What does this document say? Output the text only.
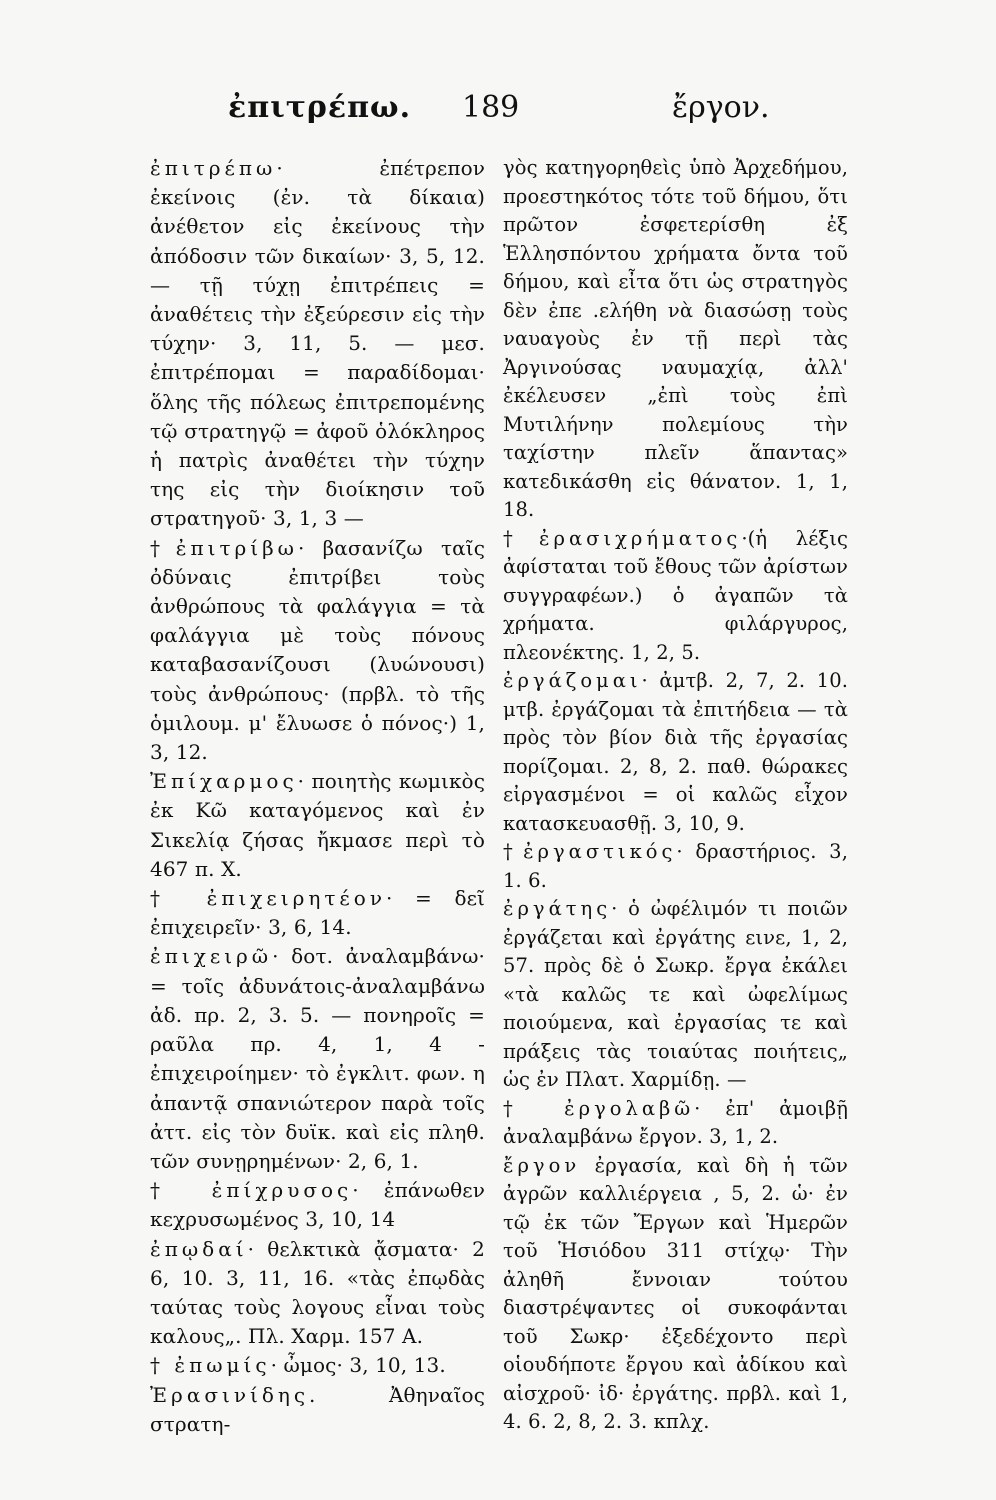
ἐπιτρέπω. 189	ἔργον.

ἐπιτρέπω· ἐπέτρεπον ἐκείνοις (ἐν. τὰ δίκαια) ἀνέθετον εἰς ἐκείνους τὴν ἀπόδοσιν τῶν δικαίων· 3, 5, 12. — τῇ τύχῃ ἐπιτρέπεις = ἀναθέτεις τὴν ἐξεύρεσιν εἰς τὴν τύχην· 3, 11, 5. — μεσ. ἐπιτρέπομαι = παραδίδομαι· ὅλης τῆς πόλεως ἐπιτρεπομένης τῷ στρατηγῷ = ἀφοῦ ὁλόκληρος ἡ πατρὶς ἀναθέτει τὴν τύχην της εἰς τὴν διοίκησιν τοῦ στρατηγοῦ· 3, 1, 3 —

†ἐπιτρίβω· βασανίζω ταῖς ὀδύναις ἐπιτρίβει τοὺς ἀνθρώπους τὰ φαλάγγια = τὰ φαλάγγια μὲ τοὺς πόνους καταβασανίζουσι (λυώνουσι) τοὺς ἀνθρώπους· (πρβλ. τὸ τῆς ὁμιλουμ. μ' ἔλυωσε ὁ πόνος·) 1, 3, 12.

Ἐπίχαρμος· ποιητὴς κωμικὸς ἐκ Κῶ καταγόμενος καὶ ἐν Σικελίᾳ ζήσας ἤκμασε περὶ τὸ 467 π. Χ.

† ἐπιχειρητέον· = δεῖ ἐπιχειρεῖν· 3, 6, 14.

ἐπιχειρῶ· δοτ. ἀναλαμβάνω· = τοῖς ἀδυνάτοις-ἀναλαμβάνω ἀδ. πρ. 2, 3. 5. — πονηροῖς = ραῦλα πρ. 4, 1, 4 - ἐπιχειροίημεν· τὸ ἐγκλιτ. φων. η ἀπαντᾷ σπανιώτερον παρὰ τοῖς ἀττ. εἰς τὸν δυϊκ. καὶ εἰς πληθ. τῶν συνῃρημένων· 2, 6, 1.

† ἐπίχρυσος· ἐπάνωθεν κεχρυσωμένος 3, 10, 14

ἐπῳδαί· θελκτικὰ ᾄσματα· 2 6, 10. 3, 11, 16. «τὰς ἐπῳδὰς ταύτας τοὺς λογους εἶναι τοὺς καλους„. Πλ. Χαρμ. 157 A.

† ἐπωμίς· ὦμος· 3, 10, 13.

Ἐρασινίδης. Ἀθηναῖος στρατη-

γὸς κατηγορηθεὶς ὑπὸ Ἀρχεδήμου, προεστηκότος τότε τοῦ δήμου, ὅτι πρῶτον ἐσφετερίσθη ἐξ Ἑλλησπόντου χρήματα ὄντα τοῦ δήμου, καὶ εἶτα ὅτι ὡς στρατηγὸς δὲν ἐπε .ελήθη νὰ διασώσῃ τοὺς ναυαγοὺς ἐν τῇ περὶ τὰς Ἀργινούσας ναυμαχίᾳ, ἀλλ' ἐκέλευσεν „ἐπὶ τοὺς ἐπὶ Μυτιλήνην πολεμίους τὴν ταχίστην πλεῖν ἅπαντας» κατεδικάσθη εἰς θάνατον. 1, 1, 18.

†ἐρασιχρήματος·(ἡ λέξις ἀφίσταται τοῦ ἔθους τῶν ἀρίστων συγγραφέων.) ὁ ἀγαπῶν τὰ χρήματα. φιλάργυρος, πλεονέκτης. 1, 2, 5.

ἐργάζομαι· ἀμτβ. 2, 7, 2. 10. μτβ. ἐργάζομαι τὰ ἐπιτήδεια — τὰ πρὸς τὸν βίον διὰ τῆς ἐργασίας πορίζομαι. 2, 8, 2. παθ. θώρακες εἰργασμένοι = οἱ καλῶς εἶχον κατασκευασθῇ. 3, 10, 9.

†ἐργαστικός· δραστήριος. 3, 1. 6.

ἐργάτης· ὁ ὠφέλιμόν τι ποιῶν ἐργάζεται καὶ ἐργάτης εινε, 1, 2, 57. πρὸς δὲ ὁ Σωκρ. ἔργα ἐκάλει «τὰ καλῶς τε καὶ ὠφελίμως ποιούμενα, καὶ ἐργασίας τε καὶ πράξεις τὰς τοιαύτας ποιήτεις„ ὡς ἐν Πλατ. Χαρμίδῃ. —

† ἐργολαβῶ· ἐπ' ἀμοιβῇ ἀναλαμβάνω ἔργον. 3, 1, 2.

ἔργον ἐργασία, καὶ δὴ ἡ τῶν ἀγρῶν καλλιέργεια , 5, 2. ὡ· ἐν τῷ ἐκ τῶν Ἔργων καὶ Ἡμερῶν τοῦ Ἡσιόδου 311 στίχῳ· Τὴν ἀληθῆ ἔννοιαν τούτου διαστρέψαντες οἱ συκοφάνται τοῦ Σωκρ· ἐξεδέχοντο περὶ οἱουδήποτε ἔργου καὶ ἀδίκου καὶ αἰσχροῦ· ἰδ· ἐργάτης. πρβλ. καὶ 1, 4. 6. 2, 8, 2. 3. κπλχ.
